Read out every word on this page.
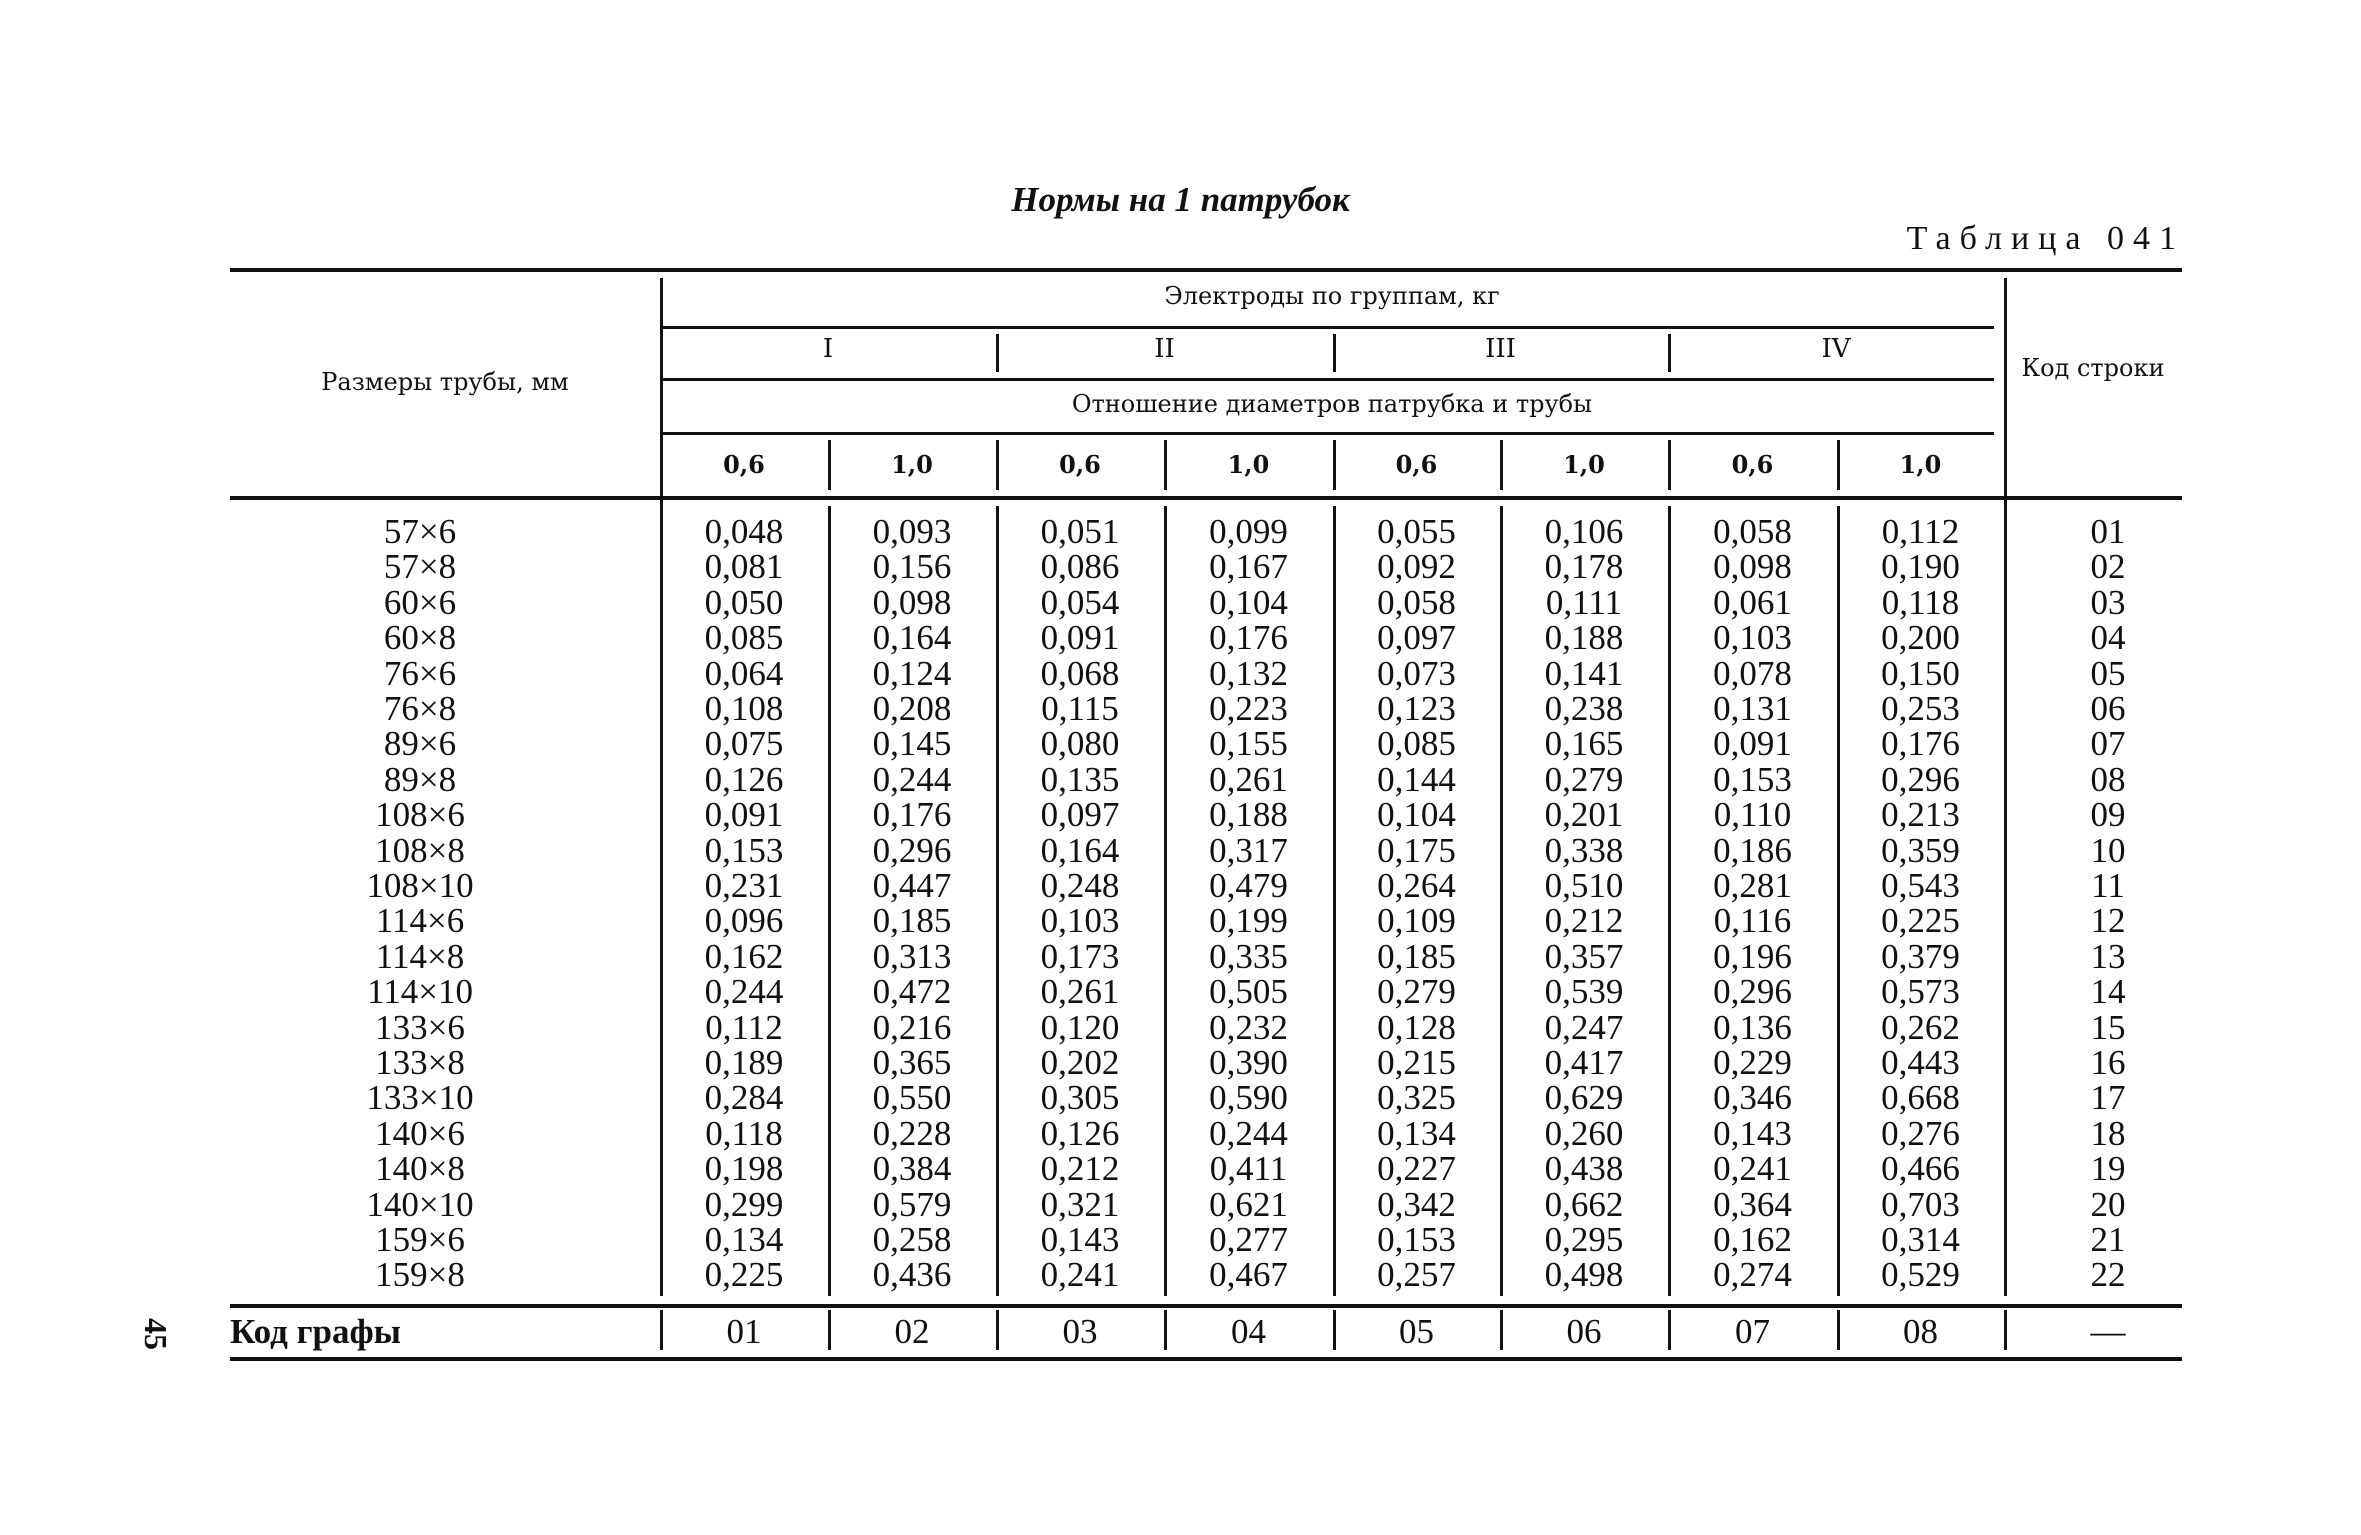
Нормы на 1 патрубок
Таблица 041
45
Размеры трубы, мм
Электроды по группам, кг
I	II	III	IV
Отношение диаметров патрубка и трубы
0,6	1,0	0,6	1,0	0,6	1,0	0,6	1,0
Код строки
57×6	0,048	0,093	0,051	0,099	0,055	0,106	0,058	0,112	01
57×8	0,081	0,156	0,086	0,167	0,092	0,178	0,098	0,190	02
60×6	0,050	0,098	0,054	0,104	0,058	0,111	0,061	0,118	03
60×8	0,085	0,164	0,091	0,176	0,097	0,188	0,103	0,200	04
76×6	0,064	0,124	0,068	0,132	0,073	0,141	0,078	0,150	05
76×8	0,108	0,208	0,115	0,223	0,123	0,238	0,131	0,253	06
89×6	0,075	0,145	0,080	0,155	0,085	0,165	0,091	0,176	07
89×8	0,126	0,244	0,135	0,261	0,144	0,279	0,153	0,296	08
108×6	0,091	0,176	0,097	0,188	0,104	0,201	0,110	0,213	09
108×8	0,153	0,296	0,164	0,317	0,175	0,338	0,186	0,359	10
108×10	0,231	0,447	0,248	0,479	0,264	0,510	0,281	0,543	11
114×6	0,096	0,185	0,103	0,199	0,109	0,212	0,116	0,225	12
114×8	0,162	0,313	0,173	0,335	0,185	0,357	0,196	0,379	13
114×10	0,244	0,472	0,261	0,505	0,279	0,539	0,296	0,573	14
133×6	0,112	0,216	0,120	0,232	0,128	0,247	0,136	0,262	15
133×8	0,189	0,365	0,202	0,390	0,215	0,417	0,229	0,443	16
133×10	0,284	0,550	0,305	0,590	0,325	0,629	0,346	0,668	17
140×6	0,118	0,228	0,126	0,244	0,134	0,260	0,143	0,276	18
140×8	0,198	0,384	0,212	0,411	0,227	0,438	0,241	0,466	19
140×10	0,299	0,579	0,321	0,621	0,342	0,662	0,364	0,703	20
159×6	0,134	0,258	0,143	0,277	0,153	0,295	0,162	0,314	21
159×8	0,225	0,436	0,241	0,467	0,257	0,498	0,274	0,529	22
Код графы	01	02	03	04	05	06	07	08	—
